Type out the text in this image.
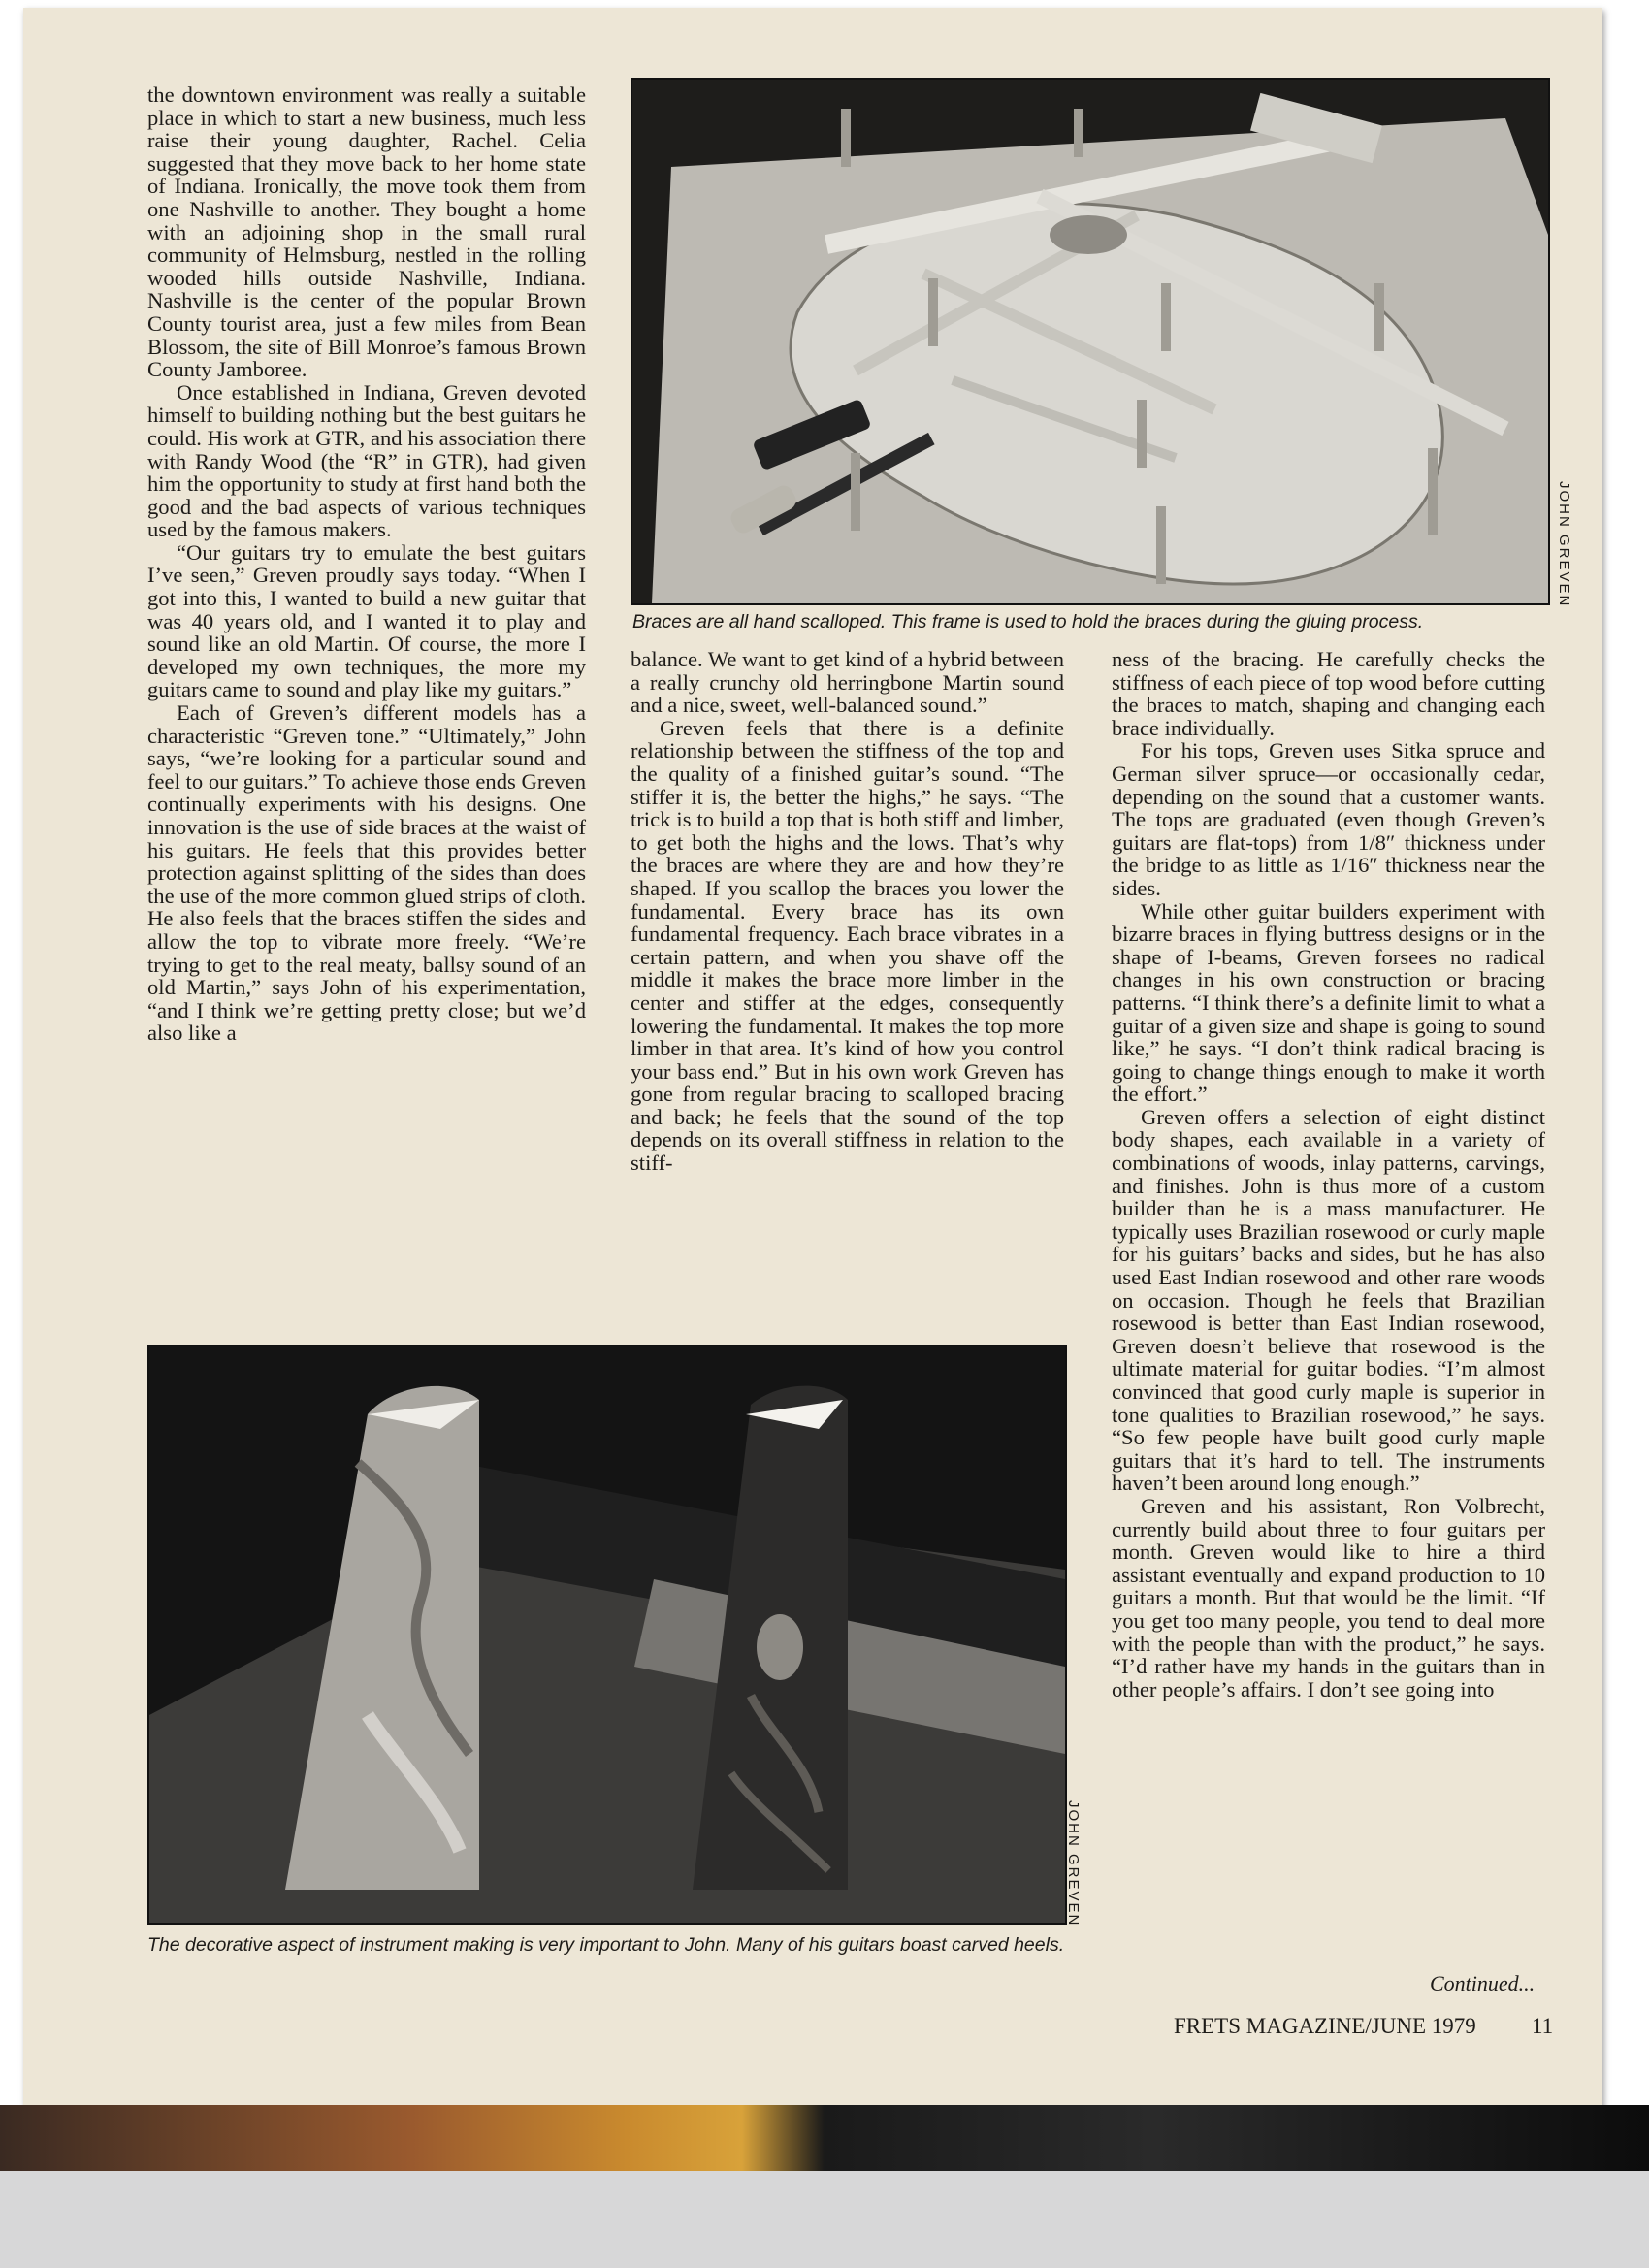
the downtown environment was really a suitable place in which to start a new business, much less raise their young daughter, Rachel. Celia suggested that they move back to her home state of Indiana. Ironically, the move took them from one Nashville to another. They bought a home with an adjoining shop in the small rural community of Helmsburg, nestled in the rolling wooded hills outside Nashville, Indiana. Nashville is the center of the popular Brown County tourist area, just a few miles from Bean Blossom, the site of Bill Monroe’s famous Brown County Jamboree.

Once established in Indiana, Greven devoted himself to building nothing but the best guitars he could. His work at GTR, and his association there with Randy Wood (the “R” in GTR), had given him the opportunity to study at first hand both the good and the bad aspects of various techniques used by the famous makers.

“Our guitars try to emulate the best guitars I’ve seen,” Greven proudly says today. “When I got into this, I wanted to build a new guitar that was 40 years old, and I wanted it to play and sound like an old Martin. Of course, the more I developed my own techniques, the more my guitars came to sound and play like my guitars.”

Each of Greven’s different models has a characteristic “Greven tone.” “Ultimately,” John says, “we’re looking for a particular sound and feel to our guitars.” To achieve those ends Greven continually experiments with his designs. One innovation is the use of side braces at the waist of his guitars. He feels that this provides better protection against splitting of the sides than does the use of the more common glued strips of cloth. He also feels that the braces stiffen the sides and allow the top to vibrate more freely. “We’re trying to get to the real meaty, ballsy sound of an old Martin,” says John of his experimentation, “and I think we’re getting pretty close; but we’d also like a

JOHN GREVEN
Braces are all hand scalloped. This frame is used to hold the braces during the gluing process.

balance. We want to get kind of a hybrid between a really crunchy old herringbone Martin sound and a nice, sweet, well-balanced sound.”

Greven feels that there is a definite relationship between the stiffness of the top and the quality of a finished guitar’s sound. “The stiffer it is, the better the highs,” he says. “The trick is to build a top that is both stiff and limber, to get both the highs and the lows. That’s why the braces are where they are and how they’re shaped. If you scallop the braces you lower the fundamental. Every brace has its own fundamental frequency. Each brace vibrates in a certain pattern, and when you shave off the middle it makes the brace more limber in the center and stiffer at the edges, consequently lowering the fundamental. It makes the top more limber in that area. It’s kind of how you control your bass end.” But in his own work Greven has gone from regular bracing to scalloped bracing and back; he feels that the sound of the top depends on its overall stiffness in relation to the stiff-

ness of the bracing. He carefully checks the stiffness of each piece of top wood before cutting the braces to match, shaping and changing each brace individually.

For his tops, Greven uses Sitka spruce and German silver spruce—or occasionally cedar, depending on the sound that a customer wants. The tops are graduated (even though Greven’s guitars are flat-tops) from 1/8″ thickness under the bridge to as little as 1/16″ thickness near the sides.

While other guitar builders experiment with bizarre braces in flying buttress designs or in the shape of I-beams, Greven forsees no radical changes in his own construction or bracing patterns. “I think there’s a definite limit to what a guitar of a given size and shape is going to sound like,” he says. “I don’t think radical bracing is going to change things enough to make it worth the effort.”

Greven offers a selection of eight distinct body shapes, each available in a variety of combinations of woods, inlay patterns, carvings, and finishes. John is thus more of a custom builder than he is a mass manufacturer. He typically uses Brazilian rosewood or curly maple for his guitars’ backs and sides, but he has also used East Indian rosewood and other rare woods on occasion. Though he feels that Brazilian rosewood is better than East Indian rosewood, Greven doesn’t believe that rosewood is the ultimate material for guitar bodies. “I’m almost convinced that good curly maple is superior in tone qualities to Brazilian rosewood,” he says. “So few people have built good curly maple guitars that it’s hard to tell. The instruments haven’t been around long enough.”

Greven and his assistant, Ron Volbrecht, currently build about three to four guitars per month. Greven would like to hire a third assistant eventually and expand production to 10 guitars a month. But that would be the limit. “If you get too many people, you tend to deal more with the people than with the product,” he says. “I’d rather have my hands in the guitars than in other people’s affairs. I don’t see going into

Continued...
JOHN GREVEN
The decorative aspect of instrument making is very important to John. Many of his guitars boast carved heels.
FRETS MAGAZINE/JUNE 1979 11
